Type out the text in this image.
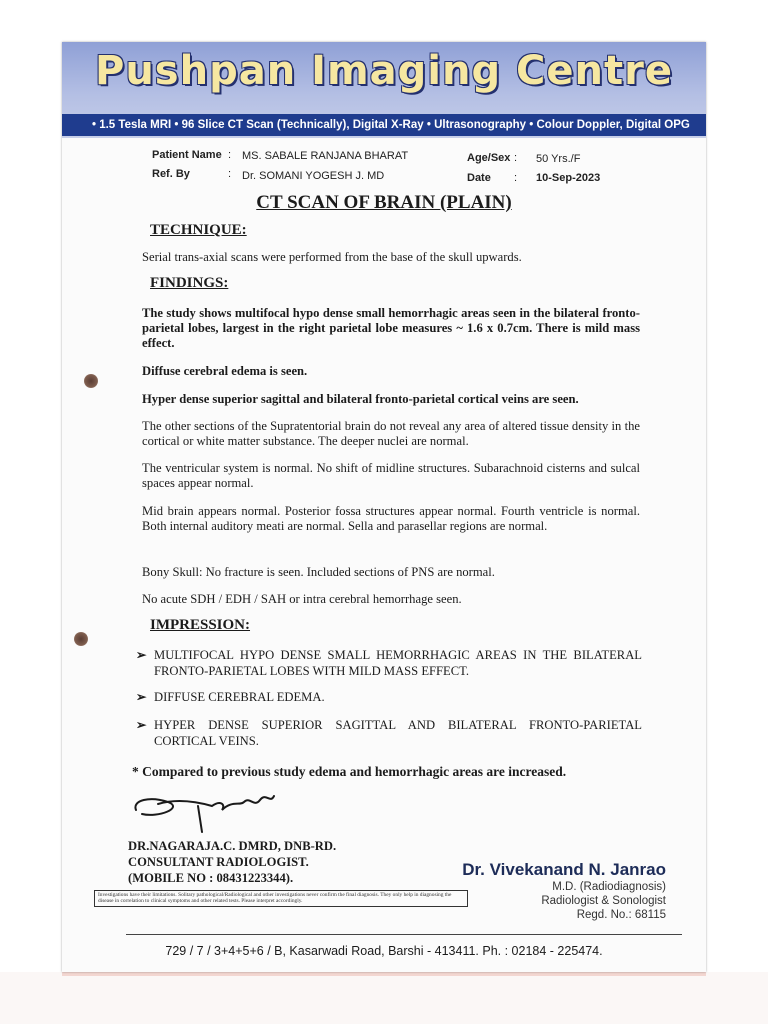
Pushpan Imaging Centre
• 1.5 Tesla MRI • 96 Slice CT Scan (Technically), Digital X-Ray • Ultrasonography • Colour Doppler, Digital OPG
Patient Name : MS. SABALE RANJANA BHARAT
Ref. By	: Dr. SOMANI YOGESH J. MD
Age/Sex : 50 Yrs./F
Date : 10-Sep-2023
CT SCAN OF BRAIN (PLAIN)
TECHNIQUE:
Serial trans-axial scans were performed from the base of the skull upwards.
FINDINGS:
The study shows multifocal hypo dense small hemorrhagic areas seen in the bilateral fronto-parietal lobes, largest in the right parietal lobe measures ~ 1.6 x 0.7cm. There is mild mass effect.
Diffuse cerebral edema is seen.
Hyper dense superior sagittal and bilateral fronto-parietal cortical veins are seen.
The other sections of the Supratentorial brain do not reveal any area of altered tissue density in the cortical or white matter substance. The deeper nuclei are normal.
The ventricular system is normal. No shift of midline structures. Subarachnoid cisterns and sulcal spaces appear normal.
Mid brain appears normal. Posterior fossa structures appear normal. Fourth ventricle is normal. Both internal auditory meati are normal. Sella and parasellar regions are normal.
Bony Skull: No fracture is seen. Included sections of PNS are normal.
No acute SDH / EDH / SAH or intra cerebral hemorrhage seen.
IMPRESSION:
➢ MULTIFOCAL HYPO DENSE SMALL HEMORRHAGIC AREAS IN THE BILATERAL FRONTO-PARIETAL LOBES WITH MILD MASS EFFECT.
➢ DIFFUSE CEREBRAL EDEMA.
➢ HYPER DENSE SUPERIOR SAGITTAL AND BILATERAL FRONTO-PARIETAL CORTICAL VEINS.
* Compared to previous study edema and hemorrhagic areas are increased.
DR.NAGARAJA.C. DMRD, DNB-RD.
CONSULTANT RADIOLOGIST.
(MOBILE NO : 08431223344).
Investigations have their limitations. Solitary pathological/Radiological and other investigations never confirm the final diagnosis. They only help in diagnosing the disease in correlation to clinical symptoms and other related tests. Please interpret accordingly.
Dr. Vivekanand N. Janrao
M.D. (Radiodiagnosis)
Radiologist & Sonologist
Regd. No.: 68115
729 / 7 / 3+4+5+6 / B, Kasarwadi Road, Barshi - 413411. Ph. : 02184 - 225474.
